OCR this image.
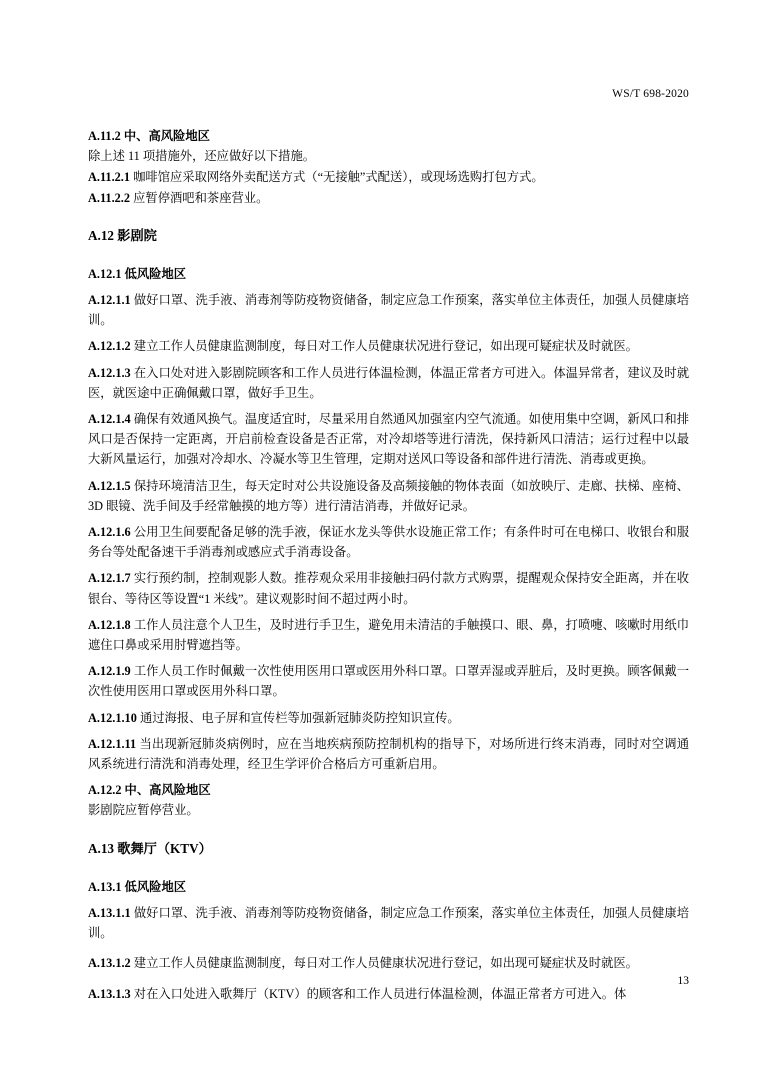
WS/T 698-2020
A.11.2 中、高风险地区
除上述 11 项措施外，还应做好以下措施。
A.11.2.1 咖啡馆应采取网络外卖配送方式（“无接触”式配送），或现场选购打包方式。
A.11.2.2 应暂停酒吧和茶座营业。
A.12 影剧院
A.12.1 低风险地区
A.12.1.1 做好口罩、洗手液、消毒剂等防疫物资储备，制定应急工作预案，落实单位主体责任，加强人员健康培训。
A.12.1.2 建立工作人员健康监测制度，每日对工作人员健康状况进行登记，如出现可疑症状及时就医。
A.12.1.3 在入口处对进入影剧院顾客和工作人员进行体温检测，体温正常者方可进入。体温异常者，建议及时就医，就医途中正确佩戴口罩，做好手卫生。
A.12.1.4 确保有效通风换气。温度适宜时，尽量采用自然通风加强室内空气流通。如使用集中空调，新风口和排风口是否保持一定距离，开启前检查设备是否正常，对冷却塔等进行清洗，保持新风口清洁；运行过程中以最大新风量运行，加强对冷却水、冷凝水等卫生管理，定期对送风口等设备和部件进行清洗、消毒或更换。
A.12.1.5 保持环境清洁卫生，每天定时对公共设施设备及高频接触的物体表面（如放映厅、走廊、扶梯、座椅、3D 眼镜、洗手间及手经常触摸的地方等）进行清洁消毒，并做好记录。
A.12.1.6 公用卫生间要配备足够的洗手液，保证水龙头等供水设施正常工作；有条件时可在电梯口、收银台和服务台等处配备速干手消毒剂或感应式手消毒设备。
A.12.1.7 实行预约制，控制观影人数。推荐观众采用非接触扫码付款方式购票，提醒观众保持安全距离，并在收银台、等待区等设置“1 米线”。建议观影时间不超过两小时。
A.12.1.8 工作人员注意个人卫生，及时进行手卫生，避免用未清洁的手触摸口、眼、鼻，打喷嚏、咳嗽时用纸巾遮住口鼻或采用肘臂遮挡等。
A.12.1.9 工作人员工作时佩戴一次性使用医用口罩或医用外科口罩。口罩弄湿或弄脏后，及时更换。顾客佩戴一次性使用医用口罩或医用外科口罩。
A.12.1.10 通过海报、电子屏和宣传栏等加强新冠肺炎防控知识宣传。
A.12.1.11 当出现新冠肺炎病例时，应在当地疾病预防控制机构的指导下，对场所进行终末消毒，同时对空调通风系统进行清洗和消毒处理，经卫生学评价合格后方可重新启用。
A.12.2 中、高风险地区
影剧院应暂停营业。
A.13 歌舞厅（KTV）
A.13.1 低风险地区
A.13.1.1 做好口罩、洗手液、消毒剂等防疫物资储备，制定应急工作预案，落实单位主体责任，加强人员健康培训。
A.13.1.2 建立工作人员健康监测制度，每日对工作人员健康状况进行登记，如出现可疑症状及时就医。
A.13.1.3 对在入口处进入歌舞厅（KTV）的顾客和工作人员进行体温检测，体温正常者方可进入。体
13
